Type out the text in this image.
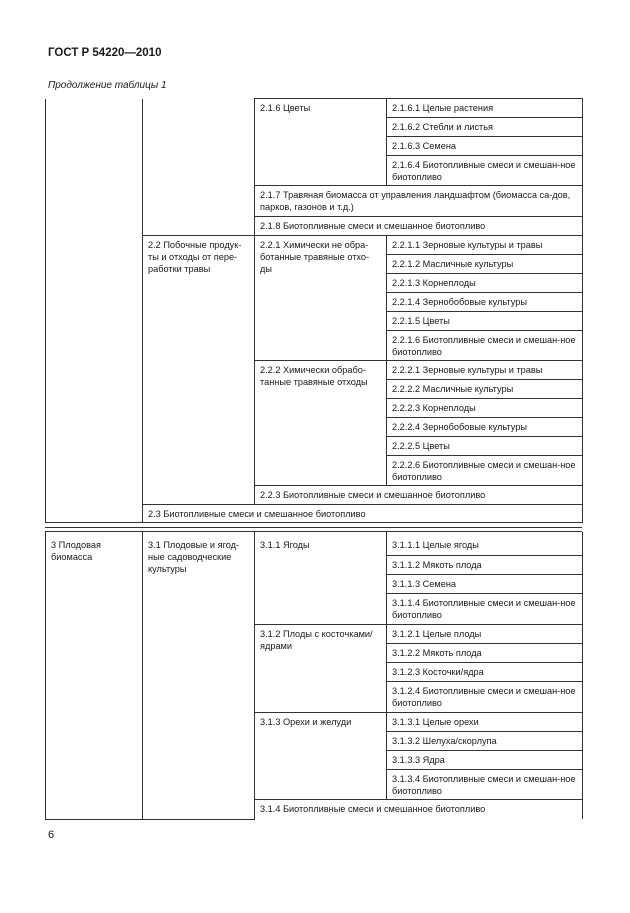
ГОСТ Р 54220—2010
Продолжение таблицы 1
		2.1.6 Цветы	2.1.6.1 Целые растения
			2.1.6.2 Стебли и листья
			2.1.6.3 Семена
			2.1.6.4 Биотопливные смеси и смешан-ное биотопливо
		2.1.7 Травяная биомасса от управления ландшафтом (биомасса са-дов, парков, газонов и т.д.)	
		2.1.8 Биотопливные смеси и смешанное биотопливо	
	2.2 Побочные продук-ты и отходы от пере-работки травы	2.2.1 Химически не обра-ботанные травяные отхо-ды	2.2.1.1 Зерновые культуры и травы
			2.2.1.2 Масличные культуры
			2.2.1.3 Корнеплоды
			2.2.1.4 Зернобобовые культуры
			2.2.1.5 Цветы
			2.2.1.6 Биотопливные смеси и смешан-ное биотопливо
		2.2.2 Химически обрабо-танные травяные отходы	2.2.2.1 Зерновые культуры и травы
			2.2.2.2 Масличные культуры
			2.2.2.3 Корнеплоды
			2.2.2.4 Зернобобовые культуры
			2.2.2.5 Цветы
			2.2.2.6 Биотопливные смеси и смешан-ное биотопливо
		2.2.3 Биотопливные смеси и смешанное биотопливо	
	2.3 Биотопливные смеси и смешанное биотопливо		
3 Плодовая биомасса	3.1 Плодовые и ягод-ные садоводческие культуры	3.1.1 Ягоды	3.1.1.1 Целые ягоды
			3.1.1.2 Мякоть плода
			3.1.1.3 Семена
			3.1.1.4 Биотопливные смеси и смешан-ное биотопливо
		3.1.2 Плоды с косточками/ ядрами	3.1.2.1 Целые плоды
			3.1.2.2 Мякоть плода
			3.1.2.3 Косточки/ядра
			3.1.2.4 Биотопливные смеси и смешан-ное биотопливо
		3.1.3 Орехи и желуди	3.1.3.1 Целые орехи
			3.1.3.2 Шелуха/скорлупа
			3.1.3.3 Ядра
			3.1.3.4 Биотопливные смеси и смешан-ное биотопливо
		3.1.4 Биотопливные смеси и смешанное биотопливо	
6
